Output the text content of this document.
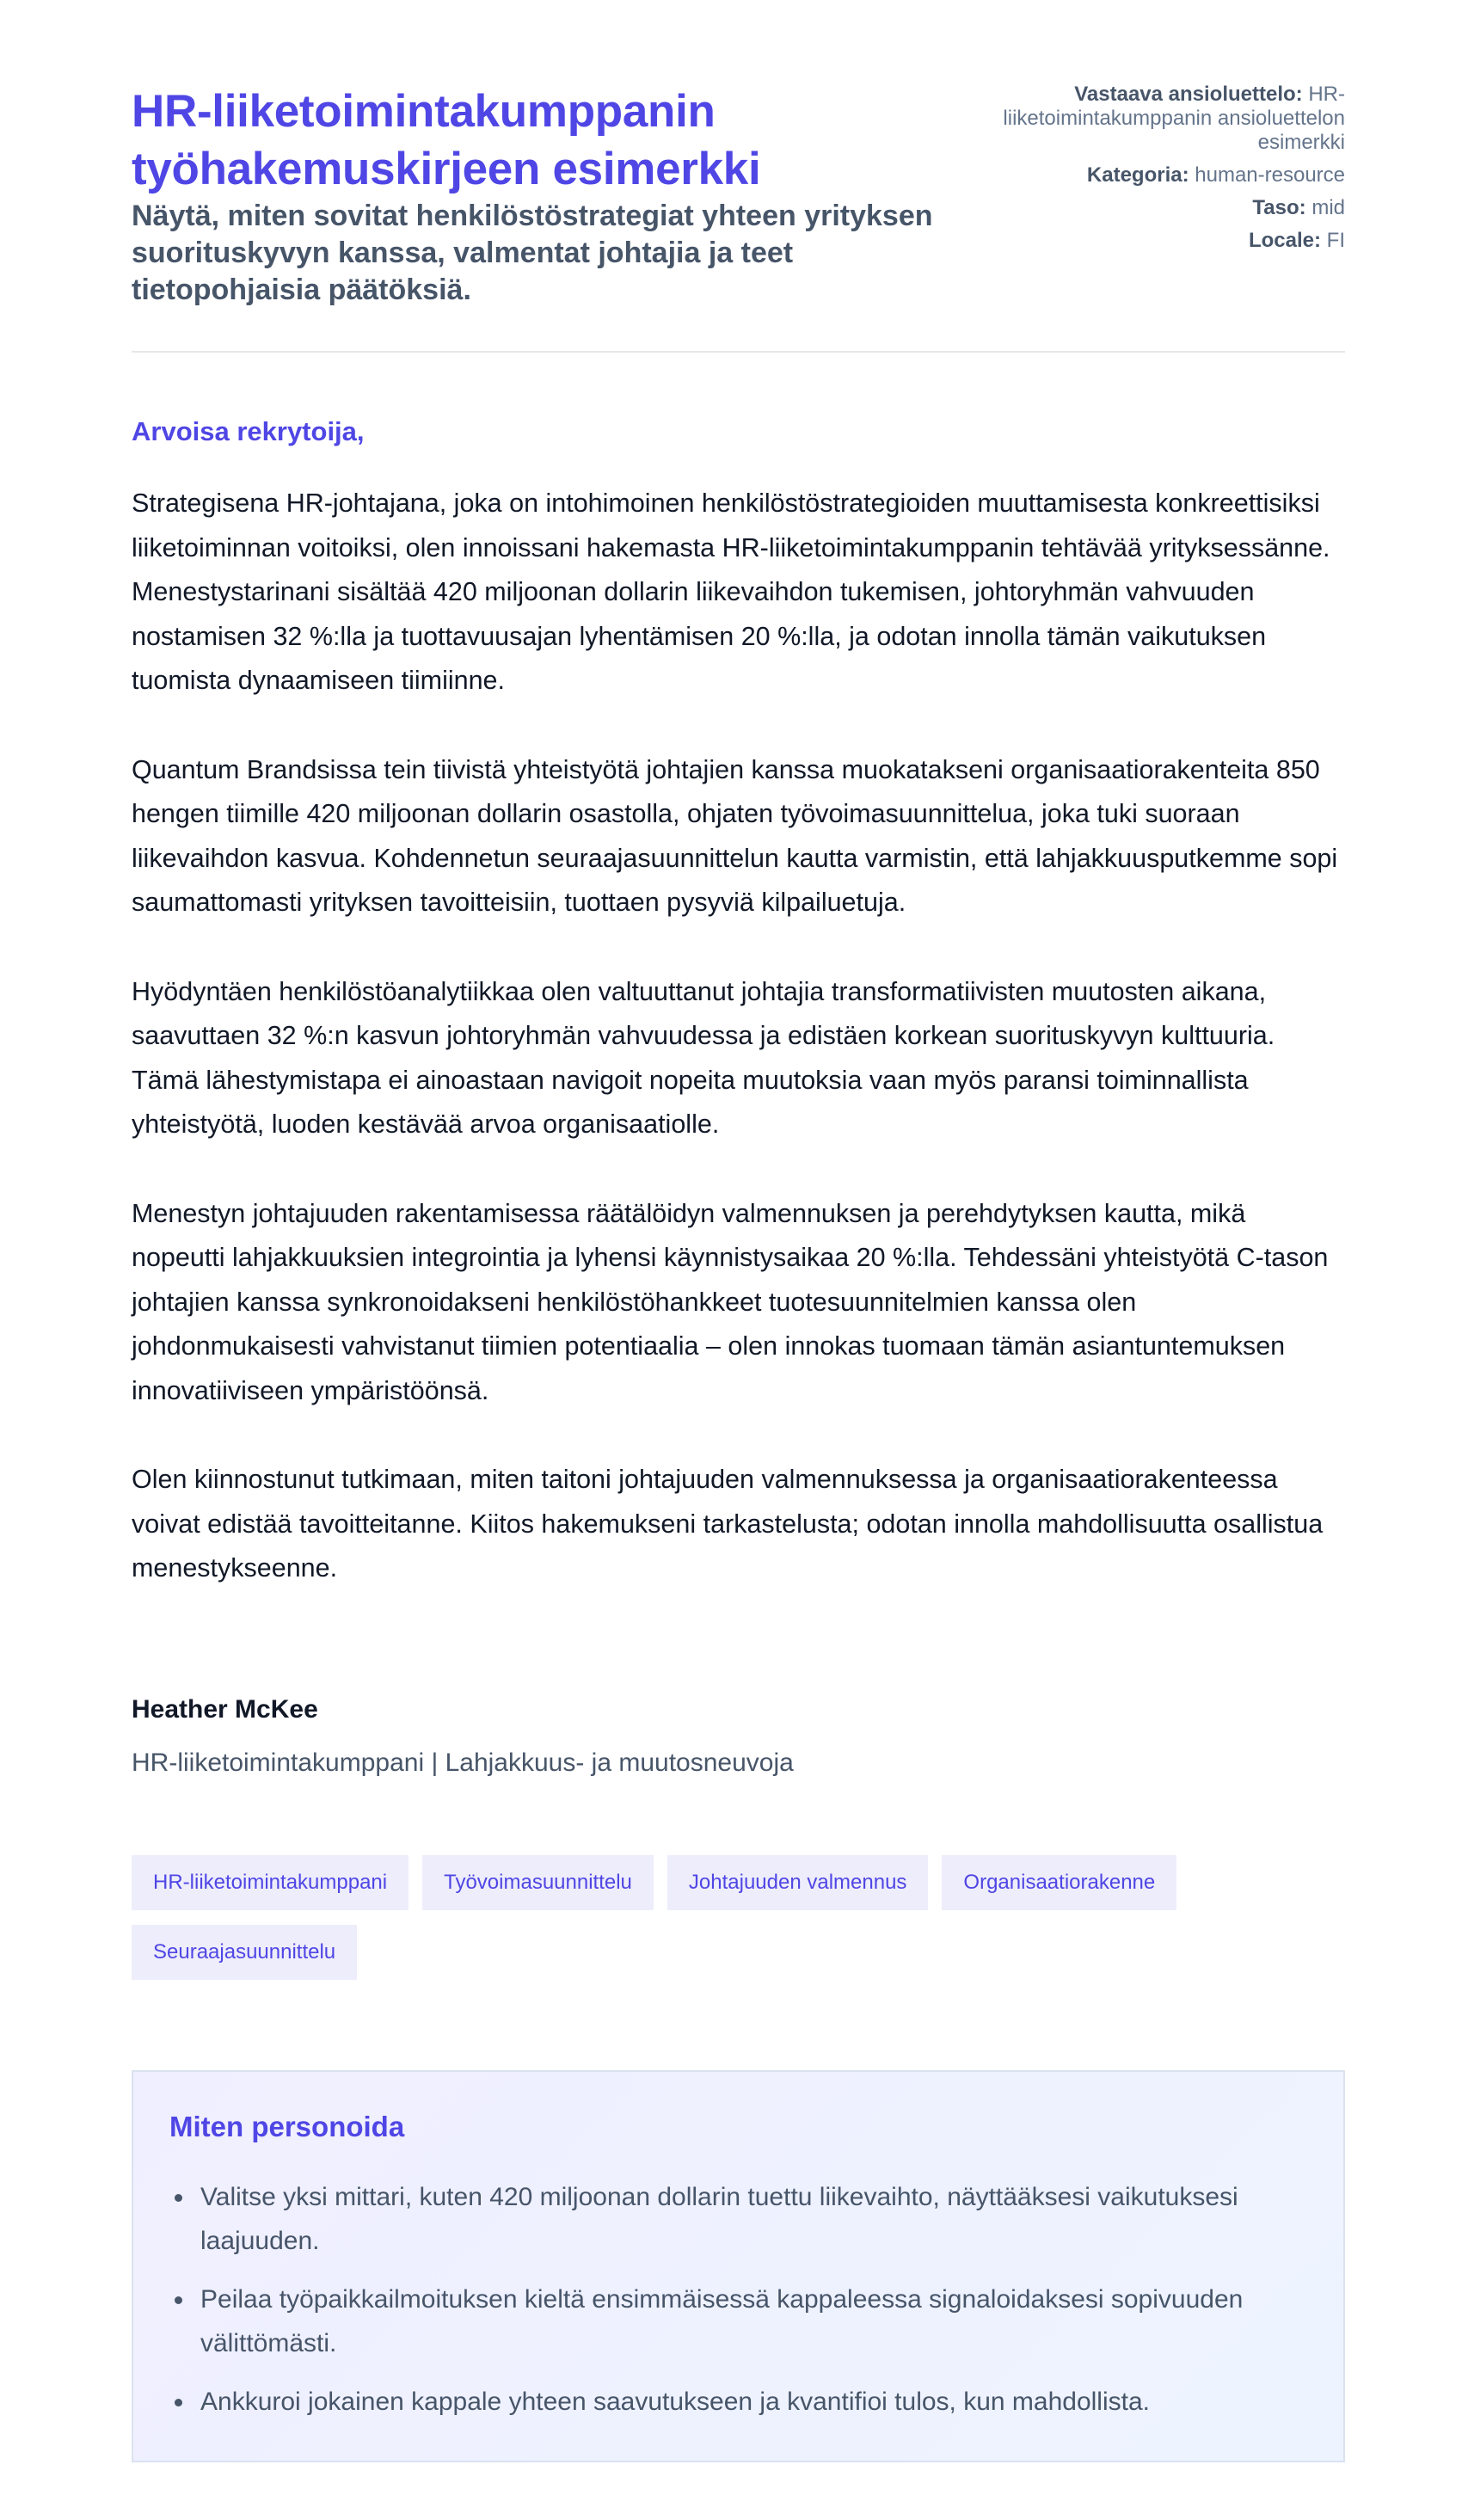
HR-liiketoimintakumppanin työhakemuskirjeen esimerkki
Näytä, miten sovitat henkilöstöstrategiat yhteen yrityksen suorituskyvyn kanssa, valmentat johtajia ja teet tietopohjaisia päätöksiä.
Vastaava ansioluettelo: HR-liiketoimintakumppanin ansioluettelon esimerkki
Kategoria: human-resource
Taso: mid
Locale: FI

Arvoisa rekrytoija,

Strategisena HR-johtajana, joka on intohimoinen henkilöstöstrategioiden muuttamisesta konkreettisiksi liiketoiminnan voitoiksi, olen innoissani hakemasta HR-liiketoimintakumppanin tehtävää yrityksessänne. Menestystarinani sisältää 420 miljoonan dollarin liikevaihdon tukemisen, johtoryhmän vahvuuden nostamisen 32 %:lla ja tuottavuusajan lyhentämisen 20 %:lla, ja odotan innolla tämän vaikutuksen tuomista dynaamiseen tiimiinne.

Quantum Brandsissa tein tiivistä yhteistyötä johtajien kanssa muokatakseni organisaatiorakenteita 850 hengen tiimille 420 miljoonan dollarin osastolla, ohjaten työvoimasuunnittelua, joka tuki suoraan liikevaihdon kasvua. Kohdennetun seuraajasuunnittelun kautta varmistin, että lahjakkuusputkemme sopi saumattomasti yrityksen tavoitteisiin, tuottaen pysyviä kilpailuetuja.

Hyödyntäen henkilöstöanalytiikkaa olen valtuuttanut johtajia transformatiivisten muutosten aikana, saavuttaen 32 %:n kasvun johtoryhmän vahvuudessa ja edistäen korkean suorituskyvyn kulttuuria. Tämä lähestymistapa ei ainoastaan navigoit nopeita muutoksia vaan myös paransi toiminnallista yhteistyötä, luoden kestävää arvoa organisaatiolle.

Menestyn johtajuuden rakentamisessa räätälöidyn valmennuksen ja perehdytyksen kautta, mikä nopeutti lahjakkuuksien integrointia ja lyhensi käynnistysaikaa 20 %:lla. Tehdessäni yhteistyötä C-tason johtajien kanssa synkronoidakseni henkilöstöhankkeet tuotesuunnitelmien kanssa olen johdonmukaisesti vahvistanut tiimien potentiaalia – olen innokas tuomaan tämän asiantuntemuksen innovatiiviseen ympäristöönsä.

Olen kiinnostunut tutkimaan, miten taitoni johtajuuden valmennuksessa ja organisaatiorakenteessa voivat edistää tavoitteitanne. Kiitos hakemukseni tarkastelusta; odotan innolla mahdollisuutta osallistua menestykseenne.

Heather McKee

HR-liiketoimintakumppani | Lahjakkuus- ja muutosneuvoja

HR-liiketoimintakumppani	Työvoimasuunnittelu	Johtajuuden valmennus	Organisaatiorakenne
Seuraajasuunnittelu
Miten personoida
Valitse yksi mittari, kuten 420 miljoonan dollarin tuettu liikevaihto, näyttääksesi vaikutuksesi laajuuden.
Peilaa työpaikkailmoituksen kieltä ensimmäisessä kappaleessa signaloidaksesi sopivuuden välittömästi.
Ankkuroi jokainen kappale yhteen saavutukseen ja kvantifioi tulos, kun mahdollista.
